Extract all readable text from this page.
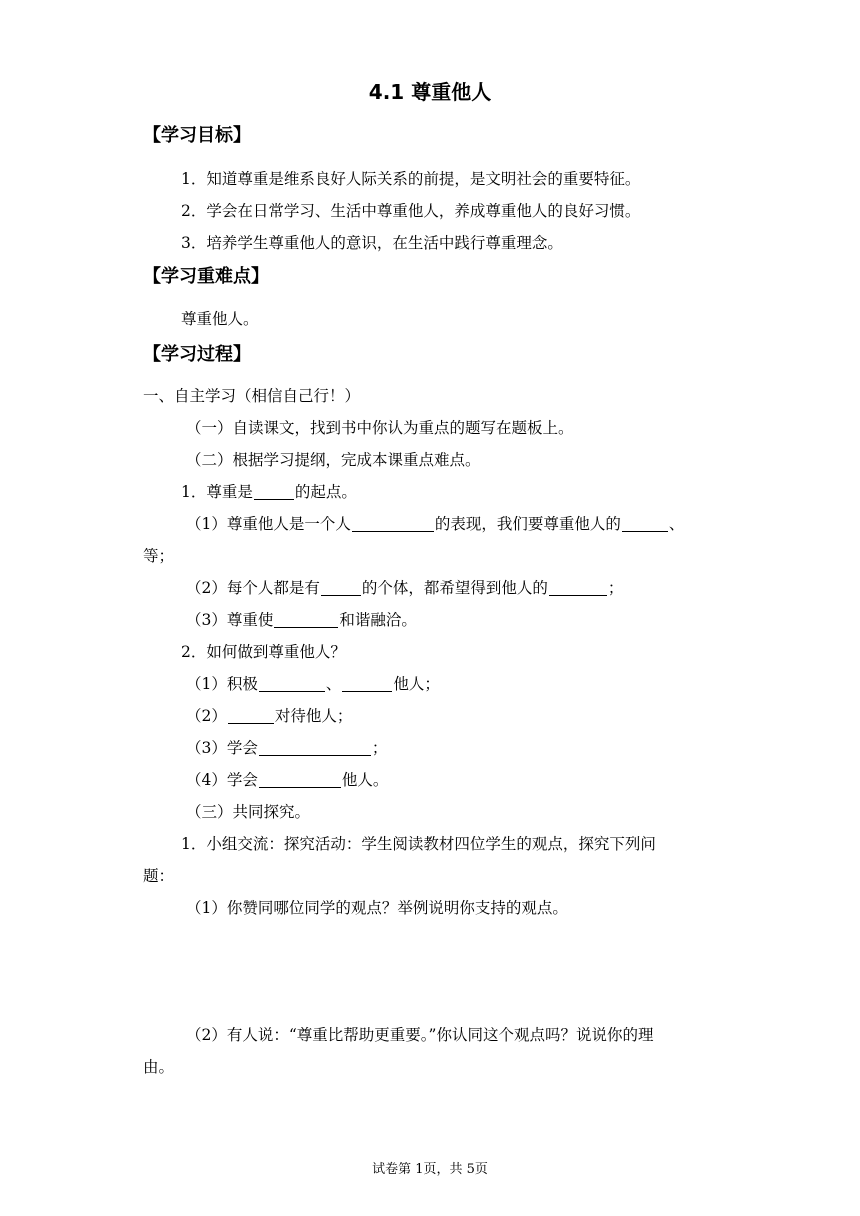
4.1 尊重他人
【学习目标】
1．知道尊重是维系良好人际关系的前提，是文明社会的重要特征。
2．学会在日常学习、生活中尊重他人，养成尊重他人的良好习惯。
3．培养学生尊重他人的意识，在生活中践行尊重理念。
【学习重难点】
尊重他人。
【学习过程】
一、自主学习（相信自己行！）
（一）自读课文，找到书中你认为重点的题写在题板上。
（二）根据学习提纲，完成本课重点难点。
1．尊重是	的起点。
（1）尊重他人是一个人	的表现，我们要尊重他人的	、
等；
（2）每个人都是有	的个体，都希望得到他人的	；
（3）尊重使	和谐融洽。
2．如何做到尊重他人？
（1）积极	、	他人；
（2）	对待他人；
（3）学会	；
（4）学会	他人。
（三）共同探究。
1．小组交流：探究活动：学生阅读教材四位学生的观点，探究下列问
题：
（1）你赞同哪位同学的观点？举例说明你支持的观点。
（2）有人说：“尊重比帮助更重要。”你认同这个观点吗？说说你的理
由。
试卷第 1页，共 5页
